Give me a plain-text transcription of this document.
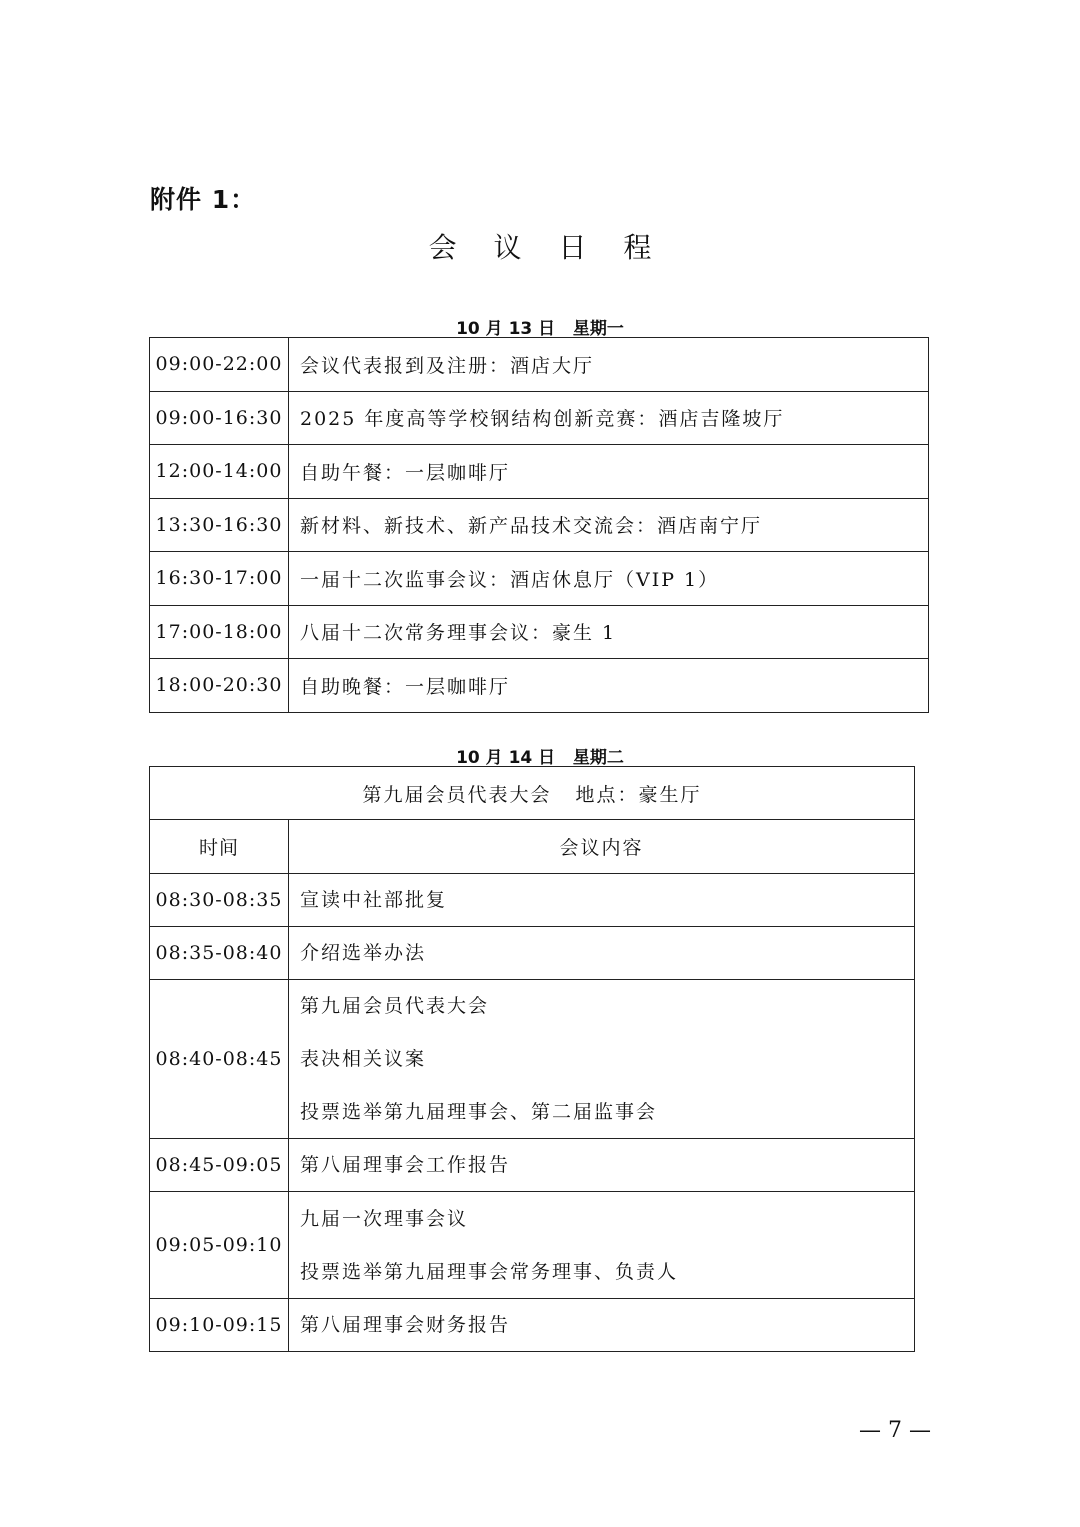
附件 1：
会 议 日 程
10 月 13 日   星期一
09:00-22:00	会议代表报到及注册：酒店大厅
09:00-16:30	2025 年度高等学校钢结构创新竞赛：酒店吉隆坡厅
12:00-14:00	自助午餐：一层咖啡厅
13:30-16:30	新材料、新技术、新产品技术交流会：酒店南宁厅
16:30-17:00	一届十二次监事会议：酒店休息厅（VIP 1）
17:00-18:00	八届十二次常务理事会议：豪生 1
18:00-20:30	自助晚餐：一层咖啡厅
10 月 14 日   星期二
第九届会员代表大会   地点：豪生厅	
时间	会议内容
08:30-08:35	宣读中社部批复

08:35-08:40	介绍选举办法

08:40-08:45	第九届会员代表大会
表决相关议案
投票选举第九届理事会、第二届监事会

08:45-09:05	第八届理事会工作报告

09:05-09:10	九届一次理事会议
投票选举第九届理事会常务理事、负责人

09:10-09:15	第八届理事会财务报告
— 7 —
